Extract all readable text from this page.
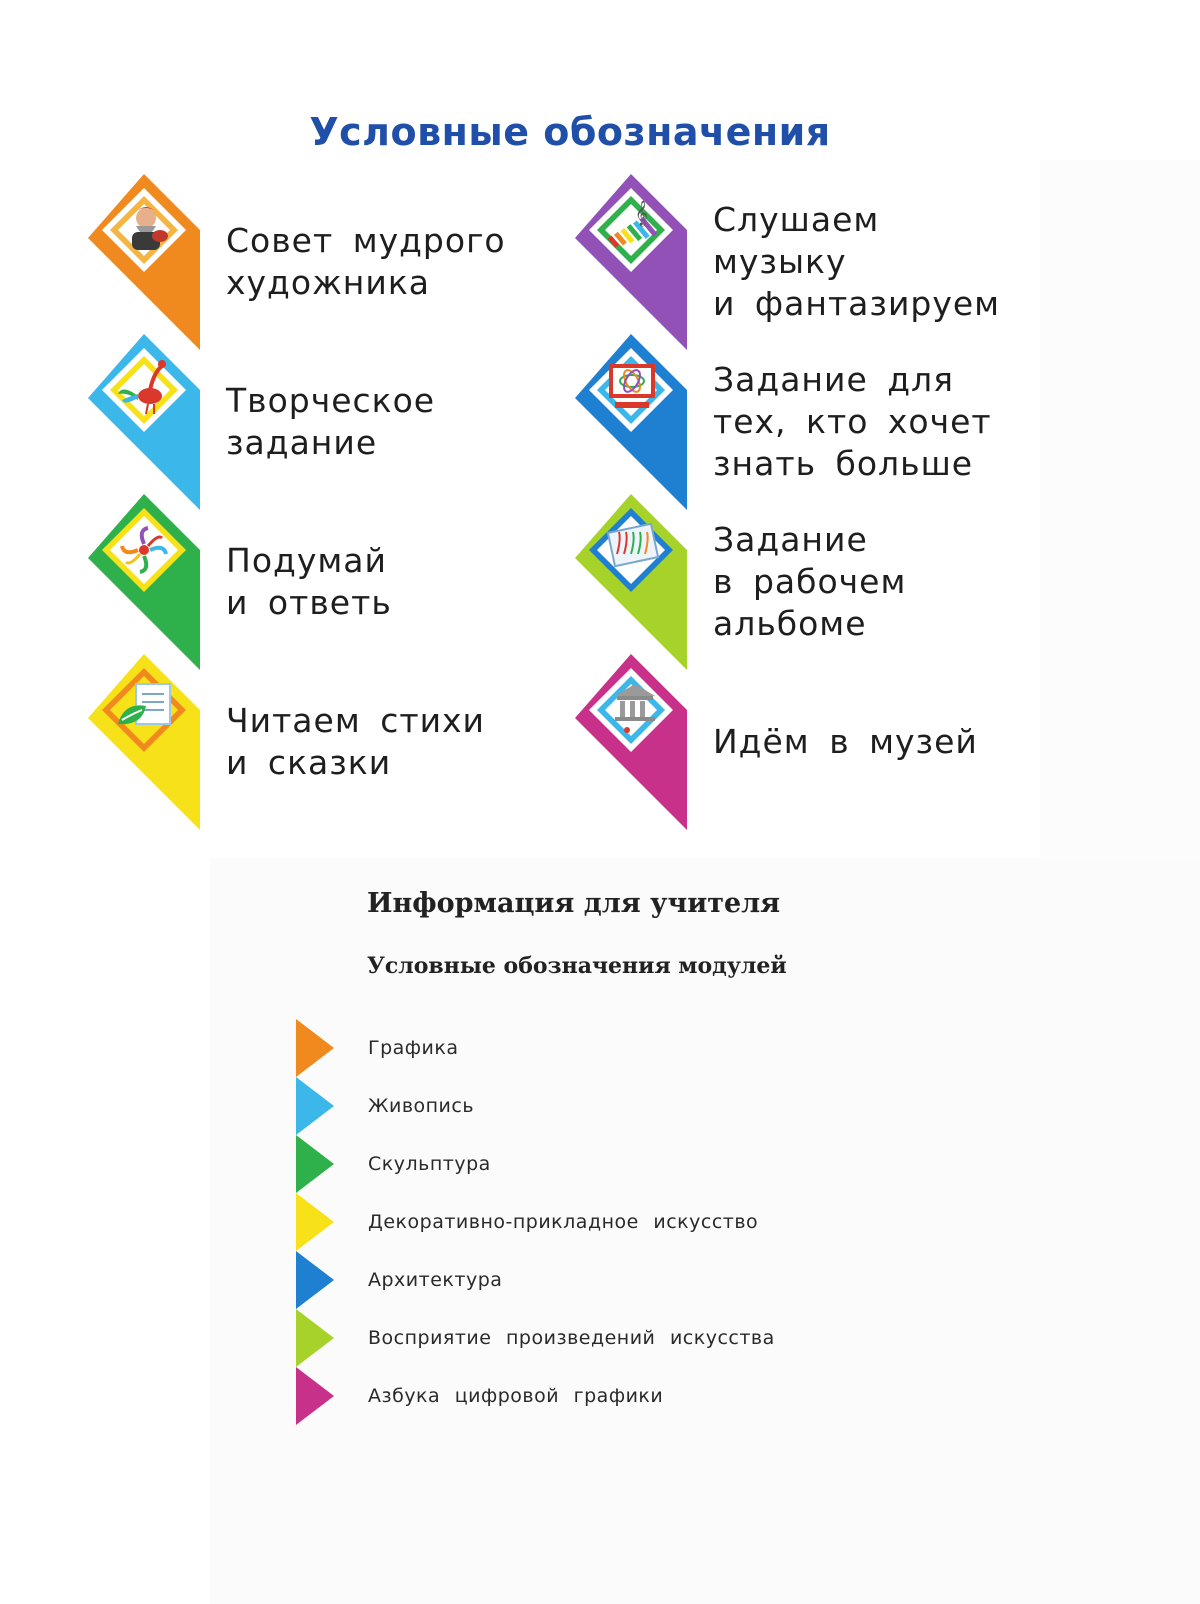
Условные обозначения
Совет мудрого
художника
Творческое
задание
Подумай
и ответь
Читаем стихи
и сказки
𝄞 Слушаем
музыку
и фантазируем
Задание для
тех, кто хочет
знать больше
Задание
в рабочем
альбоме
Идём в музей
Информация для учителя
Условные обозначения модулей
Графика
Живопись
Скульптура
Декоративно-прикладное искусство
Архитектура
Восприятие произведений искусства
Азбука цифровой графики
